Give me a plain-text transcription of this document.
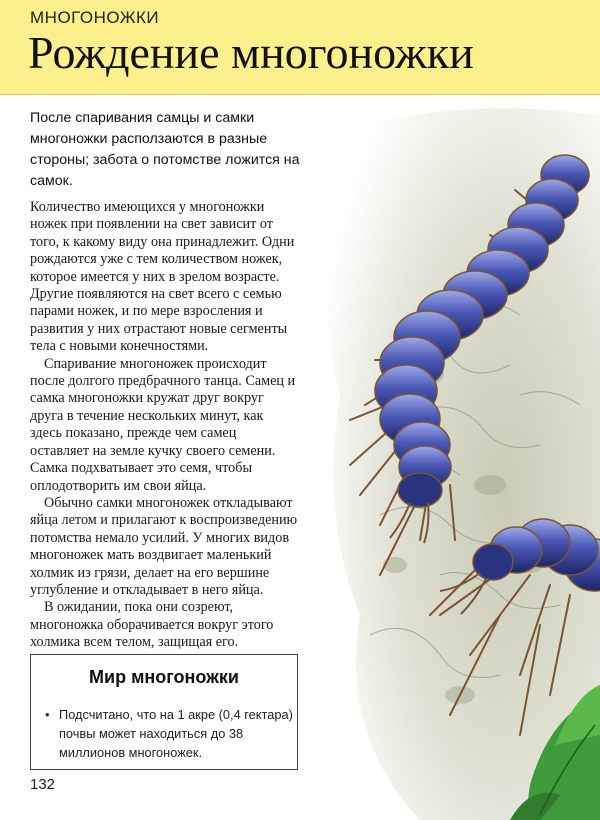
МНОГОНОЖКИ
Рождение многоножки
После спаривания самцы и самки многоножки расползаются в разные стороны; забота о потомстве ложится на самок.

Количество имеющихся у многоножки ножек при появлении на свет зависит от того, к какому виду она принадлежит. Одни рождаются уже с тем количеством ножек, которое имеется у них в зрелом возрасте. Другие появляются на свет всего с семью парами ножек, и по мере взросления и развития у них отрастают новые сегменты тела с новыми конечностями.

Спаривание многоножек происходит после долгого предбрачного танца. Самец и самка многоножки кружат друг вокруг друга в течение нескольких минут, как здесь показано, прежде чем самец оставляет на земле кучку своего семени. Самка подхватывает это семя, чтобы оплодотворить им свои яйца.

Обычно самки многоножек откладывают яйца летом и прилагают к воспроизведению потомства немало усилий. У многих видов многоножек мать воздвигает маленький холмик из грязи, делает на его вершине углубление и откладывает в него яйца.

В ожидании, пока они созреют, многоножка оборачивается вокруг этого холмика всем телом, защищая его.

Мир многоножки
• Подсчитано, что на 1 акре (0,4 гектара) почвы может находиться до 38 миллионов многоножек.
132
